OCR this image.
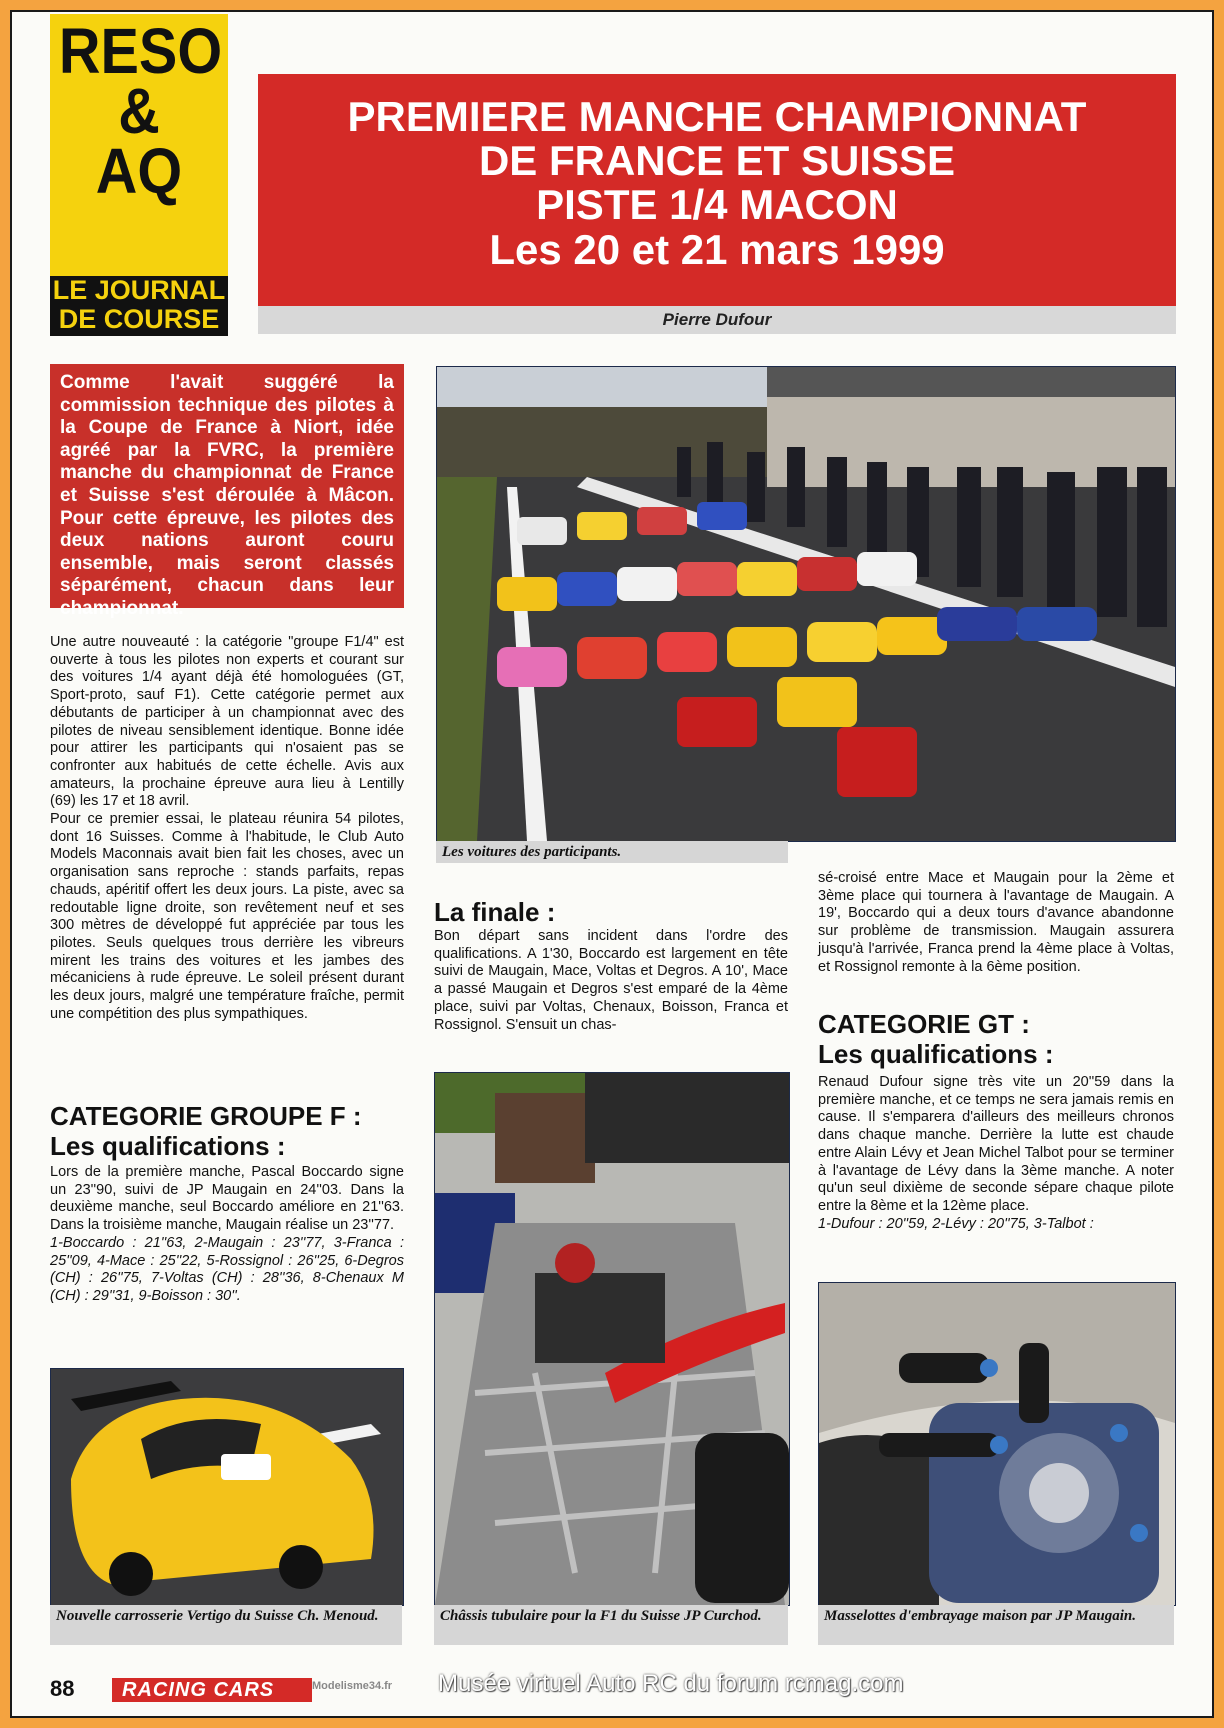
RESO
&
AQ
LE JOURNAL
DE COURSE
PREMIERE MANCHE CHAMPIONNAT
DE FRANCE ET SUISSE
PISTE 1/4 MACON
Les 20 et 21 mars 1999
Pierre Dufour
Comme l'avait suggéré la commission technique des pilotes à la Coupe de France à Niort, idée agréé par la FVRC, la première manche du championnat de France et Suisse s'est déroulée à Mâcon. Pour cette épreuve, les pilotes des deux nations auront couru ensemble, mais seront classés séparément, chacun dans leur championnat.

Une autre nouveauté : la catégorie "groupe F1/4" est ouverte à tous les pilotes non experts et courant sur des voitures 1/4 ayant déjà été homologuées (GT, Sport-proto, sauf F1). Cette catégorie permet aux débutants de participer à un championnat avec des pilotes de niveau sensiblement identique. Bonne idée pour attirer les participants qui n'osaient pas se confronter aux habitués de cette échelle. Avis aux amateurs, la prochaine épreuve aura lieu à Lentilly (69) les 17 et 18 avril.

Pour ce premier essai, le plateau réunira 54 pilotes, dont 16 Suisses. Comme à l'habitude, le Club Auto Models Maconnais avait bien fait les choses, avec un organisation sans reproche : stands parfaits, repas chauds, apéritif offert les deux jours. La piste, avec sa redoutable ligne droite, son revêtement neuf et ses 300 mètres de développé fut appréciée par tous les pilotes. Seuls quelques trous derrière les vibreurs mirent les trains des voitures et les jambes des mécaniciens à rude épreuve. Le soleil présent durant les deux jours, malgré une température fraîche, permit une compétition des plus sympathiques.

CATEGORIE GROUPE F :
Les qualifications :

Lors de la première manche, Pascal Boccardo signe un 23''90, suivi de JP Maugain en 24''03. Dans la deuxième manche, seul Boccardo améliore en 21''63. Dans la troisième manche, Maugain réalise un 23''77.

1-Boccardo : 21''63, 2-Maugain : 23''77, 3-Franca : 25''09, 4-Mace : 25''22, 5-Rossignol : 26''25, 6-Degros (CH) : 26''75, 7-Voltas (CH) : 28''36, 8-Chenaux M (CH) : 29''31, 9-Boisson : 30''.

Les voitures des participants.
La finale :

Bon départ sans incident dans l'ordre des qualifications. A 1'30, Boccardo est largement en tête suivi de Maugain, Mace, Voltas et Degros. A 10', Mace a passé Maugain et Degros s'est emparé de la 4ème place, suivi par Voltas, Chenaux, Boisson, Franca et Rossignol. S'ensuit un chas-

sé-croisé entre Mace et Maugain pour la 2ème et 3ème place qui tournera à l'avantage de Maugain. A 19', Boccardo qui a deux tours d'avance abandonne sur problème de transmission. Maugain assurera jusqu'à l'arrivée, Franca prend la 4ème place à Voltas, et Rossignol remonte à la 6ème position.

CATEGORIE GT :
Les qualifications :

Renaud Dufour signe très vite un 20''59 dans la première manche, et ce temps ne sera jamais remis en cause. Il s'emparera d'ailleurs des meilleurs chronos dans chaque manche. Derrière la lutte est chaude entre Alain Lévy et Jean Michel Talbot pour se terminer à l'avantage de Lévy dans la 3ème manche. A noter qu'un seul dixième de seconde sépare chaque pilote entre la 8ème et la 12ème place.

1-Dufour : 20''59, 2-Lévy : 20''75, 3-Talbot :

Nouvelle carrosserie Vertigo du Suisse Ch. Menoud.	Châssis tubulaire pour la F1 du Suisse JP Curchod.	Masselottes d'embrayage maison par JP Maugain.
88	RACING CARS	Modelisme34.fr Musée virtuel Auto RC du forum rcmag.com
